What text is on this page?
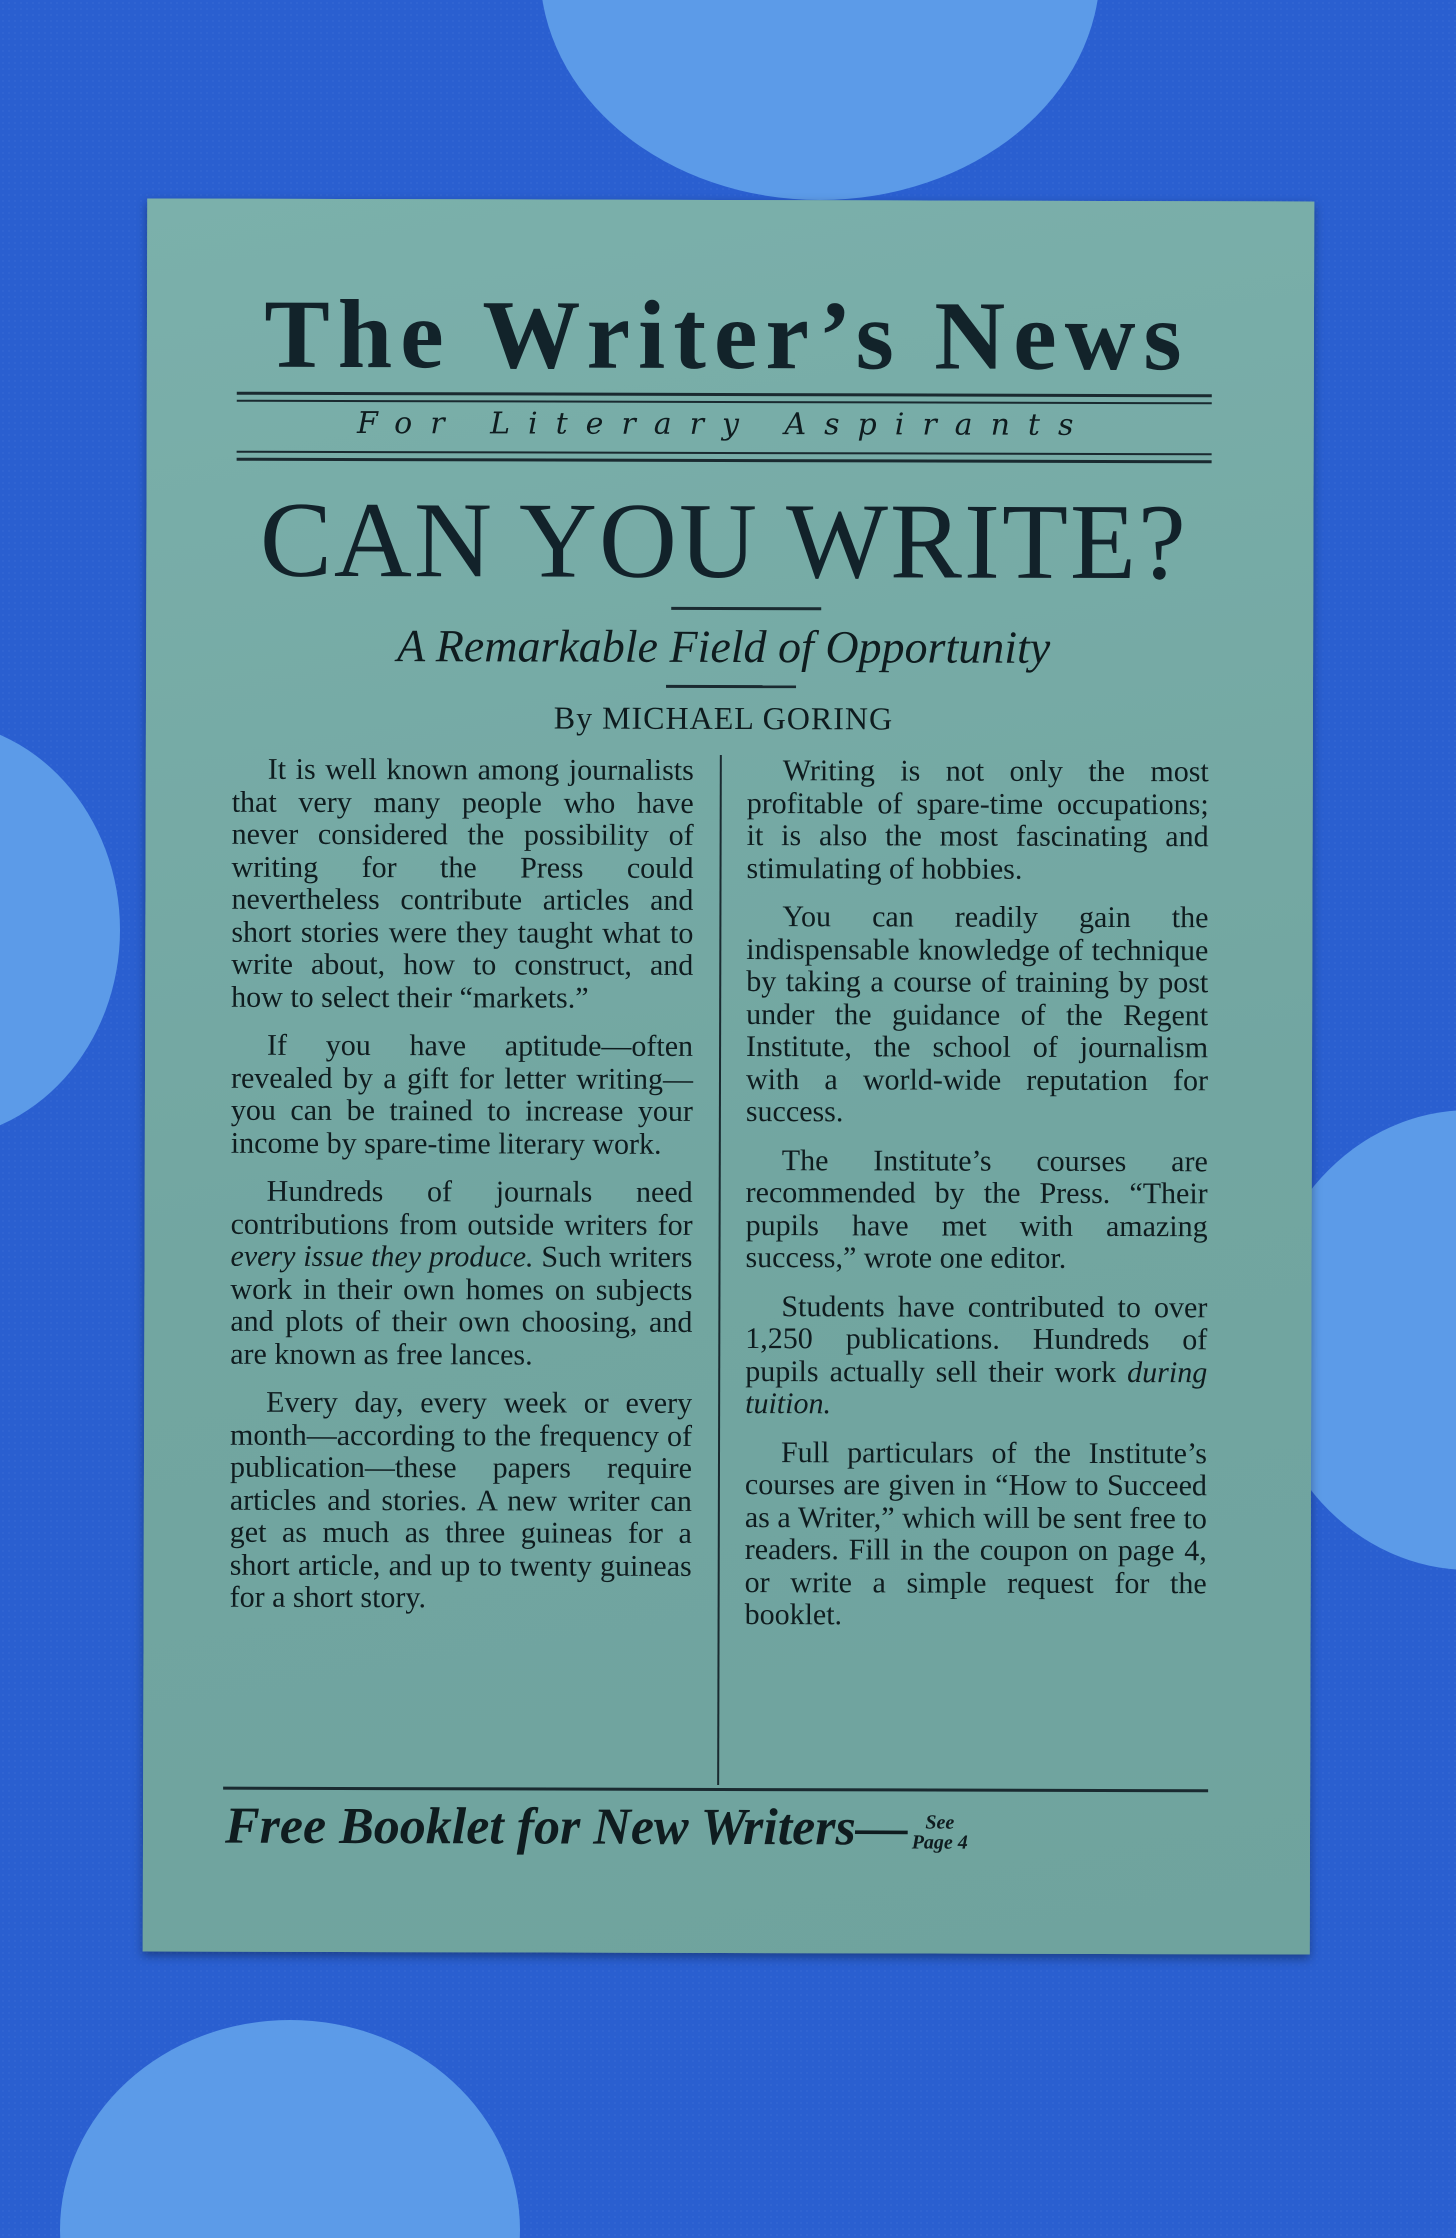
The Writer’s News
For Literary Aspirants
CAN YOU WRITE?
A Remarkable Field of Opportunity
By MICHAEL GORING

It is well known among journalists that very many people who have never considered the possibility of writing for the Press could nevertheless contribute articles and short stories were they taught what to write about, how to construct, and how to select their “markets.”

If you have aptitude—often revealed by a gift for letter writing—you can be trained to increase your income by spare-time literary work.

Hundreds of journals need contributions from outside writers for every issue they produce. Such writers work in their own homes on subjects and plots of their own choosing, and are known as free lances.

Every day, every week or every month—according to the frequency of publication—these papers require articles and stories. A new writer can get as much as three guineas for a short article, and up to twenty guineas for a short story.

Writing is not only the most profitable of spare-time occupations; it is also the most fascinating and stimulating of hobbies.

You can readily gain the indispensable knowledge of technique by taking a course of training by post under the guidance of the Regent Institute, the school of journalism with a world-wide reputation for success.

The Institute’s courses are recommended by the Press. “Their pupils have met with amazing success,” wrote one editor.

Students have contributed to over 1,250 publications. Hundreds of pupils actually sell their work during tuition.

Full particulars of the Institute’s courses are given in “How to Succeed as a Writer,” which will be sent free to readers. Fill in the coupon on page 4, or write a simple request for the booklet.

Free Booklet for New Writers— See
Page 4
